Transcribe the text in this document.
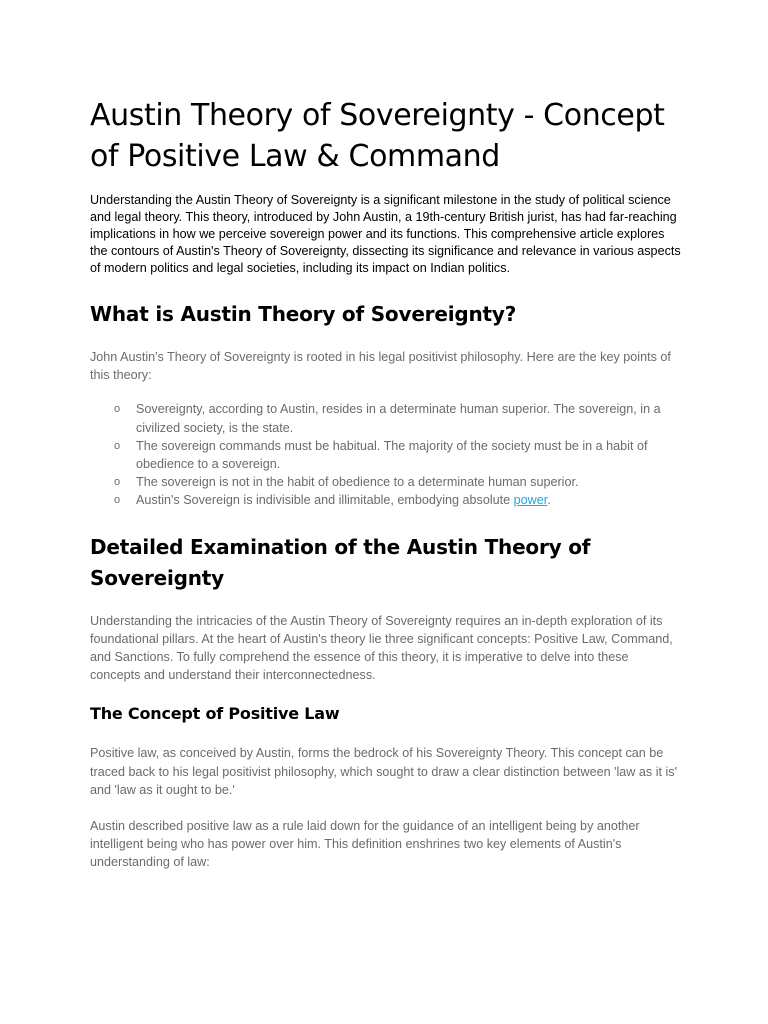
Austin Theory of Sovereignty - Concept of Positive Law & Command

Understanding the Austin Theory of Sovereignty is a significant milestone in the study of political science and legal theory. This theory, introduced by John Austin, a 19th-century British jurist, has had far-reaching implications in how we perceive sovereign power and its functions. This comprehensive article explores the contours of Austin's Theory of Sovereignty, dissecting its significance and relevance in various aspects of modern politics and legal societies, including its impact on Indian politics.

What is Austin Theory of Sovereignty?

John Austin's Theory of Sovereignty is rooted in his legal positivist philosophy. Here are the key points of this theory:

o Sovereignty, according to Austin, resides in a determinate human superior. The sovereign, in a civilized society, is the state.
o The sovereign commands must be habitual. The majority of the society must be in a habit of obedience to a sovereign.
o The sovereign is not in the habit of obedience to a determinate human superior.
o Austin's Sovereign is indivisible and illimitable, embodying absolute power.
Detailed Examination of the Austin Theory of Sovereignty

Understanding the intricacies of the Austin Theory of Sovereignty requires an in-depth exploration of its foundational pillars. At the heart of Austin's theory lie three significant concepts: Positive Law, Command, and Sanctions. To fully comprehend the essence of this theory, it is imperative to delve into these concepts and understand their interconnectedness.

The Concept of Positive Law

Positive law, as conceived by Austin, forms the bedrock of his Sovereignty Theory. This concept can be traced back to his legal positivist philosophy, which sought to draw a clear distinction between 'law as it is' and 'law as it ought to be.'

Austin described positive law as a rule laid down for the guidance of an intelligent being by another intelligent being who has power over him. This definition enshrines two key elements of Austin's understanding of law:
